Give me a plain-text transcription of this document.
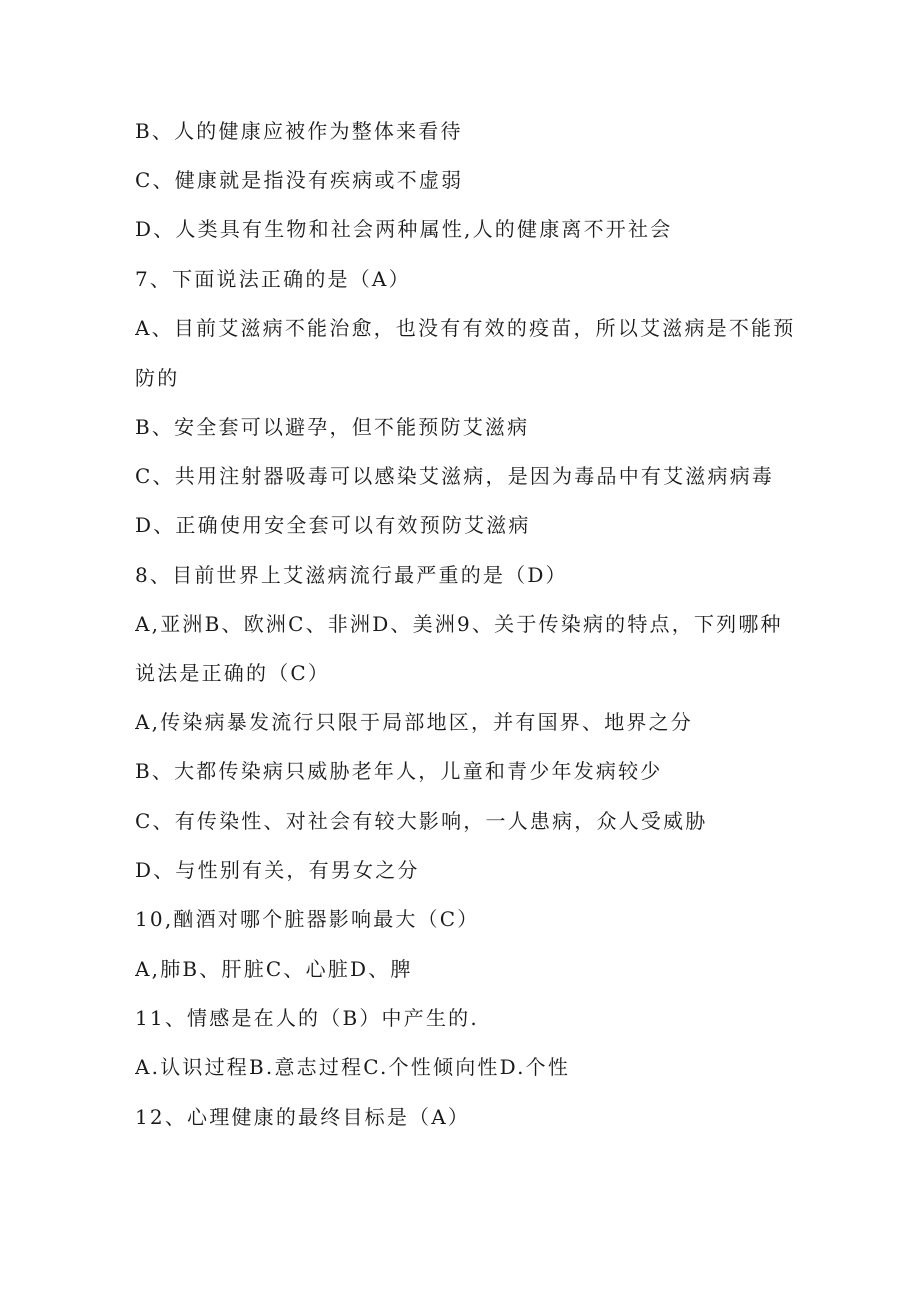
B、人的健康应被作为整体来看待
C、健康就是指没有疾病或不虚弱
D、人类具有生物和社会两种属性,人的健康离不开社会
7、下面说法正确的是（A）
A、目前艾滋病不能治愈，也没有有效的疫苗，所以艾滋病是不能预
防的
B、安全套可以避孕，但不能预防艾滋病
C、共用注射器吸毒可以感染艾滋病，是因为毒品中有艾滋病病毒
D、正确使用安全套可以有效预防艾滋病
8、目前世界上艾滋病流行最严重的是（D）
A,亚洲B、欧洲C、非洲D、美洲9、关于传染病的特点，下列哪种
说法是正确的（C）
A,传染病暴发流行只限于局部地区，并有国界、地界之分
B、大都传染病只威胁老年人，儿童和青少年发病较少
C、有传染性、对社会有较大影响，一人患病，众人受威胁
D、与性别有关，有男女之分
10,酗酒对哪个脏器影响最大（C）
A,肺B、肝脏C、心脏D、脾
11、情感是在人的（B）中产生的.
A.认识过程B.意志过程C.个性倾向性D.个性
12、心理健康的最终目标是（A）
